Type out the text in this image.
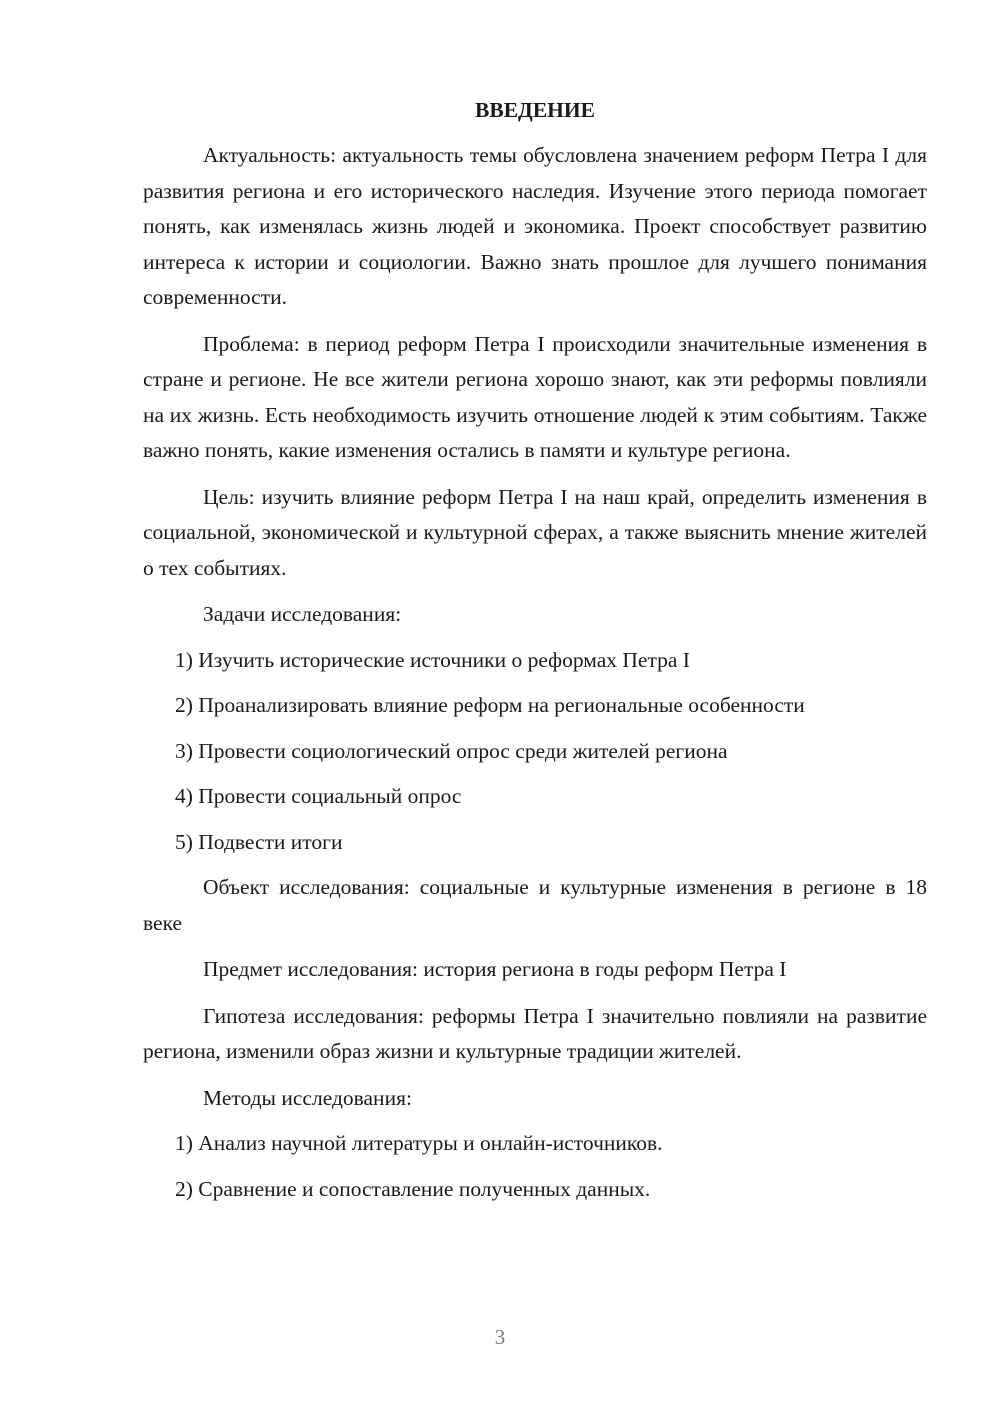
ВВЕДЕНИЕ

Актуальность: актуальность темы обусловлена значением реформ Петра I для развития региона и его исторического наследия. Изучение этого периода помогает понять, как изменялась жизнь людей и экономика. Проект способствует развитию интереса к истории и социологии. Важно знать прошлое для лучшего понимания современности.

Проблема: в период реформ Петра I происходили значительные изменения в стране и регионе. Не все жители региона хорошо знают, как эти реформы повлияли на их жизнь. Есть необходимость изучить отношение людей к этим событиям. Также важно понять, какие изменения остались в памяти и культуре региона.

Цель: изучить влияние реформ Петра I на наш край, определить изменения в социальной, экономической и культурной сферах, а также выяснить мнение жителей о тех событиях.

Задачи исследования:

1) Изучить исторические источники о реформах Петра I

2) Проанализировать влияние реформ на региональные особенности

3) Провести социологический опрос среди жителей региона

4) Провести социальный опрос

5) Подвести итоги

Объект исследования: социальные и культурные изменения в регионе в 18 веке

Предмет исследования: история региона в годы реформ Петра I

Гипотеза исследования: реформы Петра I значительно повлияли на развитие региона, изменили образ жизни и культурные традиции жителей.

Методы исследования:

1) Анализ научной литературы и онлайн-источников.

2) Сравнение и сопоставление полученных данных.

3
